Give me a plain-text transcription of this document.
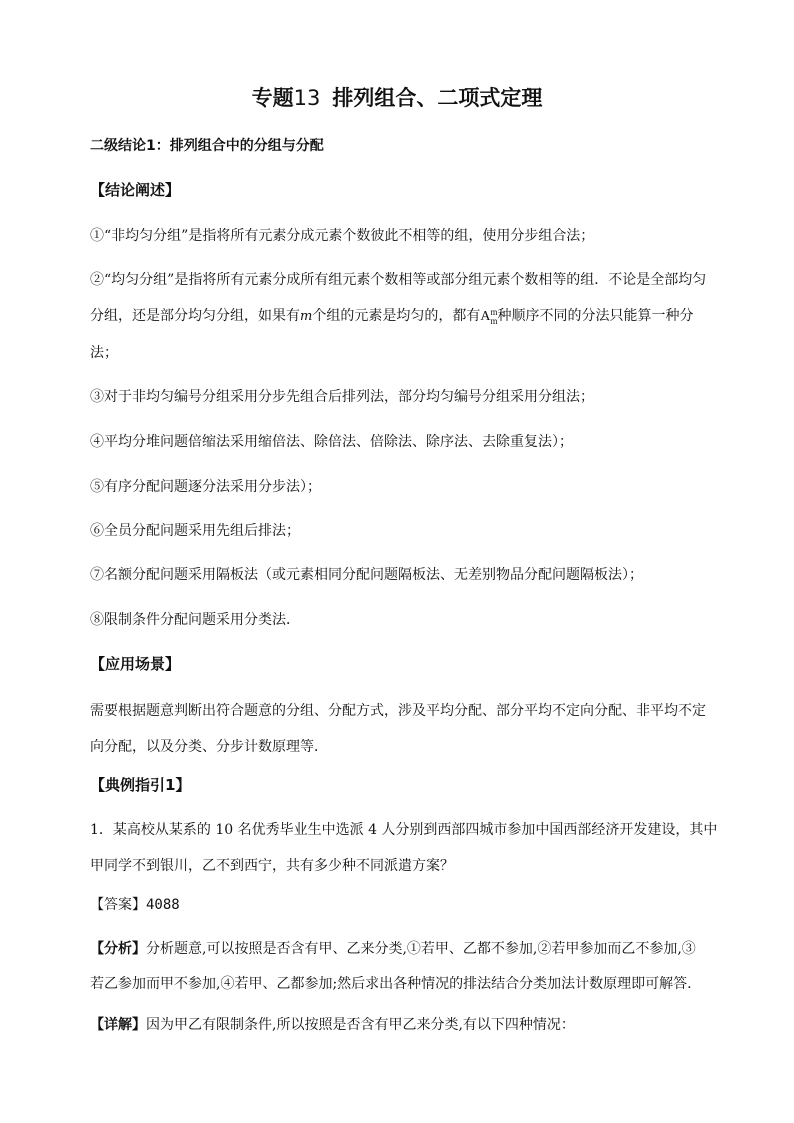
专题13 排列组合、二项式定理
二级结论1：排列组合中的分组与分配
【结论阐述】
①“非均匀分组”是指将所有元素分成元素个数彼此不相等的组，使用分步组合法；
②“均匀分组”是指将所有元素分成所有组元素个数相等或部分组元素个数相等的组．不论是全部均匀
分组，还是部分均匀分组，如果有m个组的元素是均匀的，都有$A_{mm}$种顺序不同的分法只能算一种分
法；
③对于非均匀编号分组采用分步先组合后排列法，部分均匀编号分组采用分组法；
④平均分堆问题倍缩法采用缩倍法、除倍法、倍除法、除序法、去除重复法）；
⑤有序分配问题逐分法采用分步法）；
⑥全员分配问题采用先组后排法；
⑦名额分配问题采用隔板法（或元素相同分配问题隔板法、无差别物品分配问题隔板法）；
⑧限制条件分配问题采用分类法．
【应用场景】
需要根据题意判断出符合题意的分组、分配方式，涉及平均分配、部分平均不定向分配、非平均不定
向分配，以及分类、分步计数原理等．
【典例指引1】
1．某高校从某系的 10 名优秀毕业生中选派 4 人分别到西部四城市参加中国西部经济开发建设，其中
甲同学不到银川，乙不到西宁，共有多少种不同派遣方案？
【答案】4088
【分析】分析题意,可以按照是否含有甲、乙来分类,①若甲、乙都不参加,②若甲参加而乙不参加,③
若乙参加而甲不参加,④若甲、乙都参加;然后求出各种情况的排法结合分类加法计数原理即可解答.
【详解】因为甲乙有限制条件,所以按照是否含有甲乙来分类,有以下四种情况：
